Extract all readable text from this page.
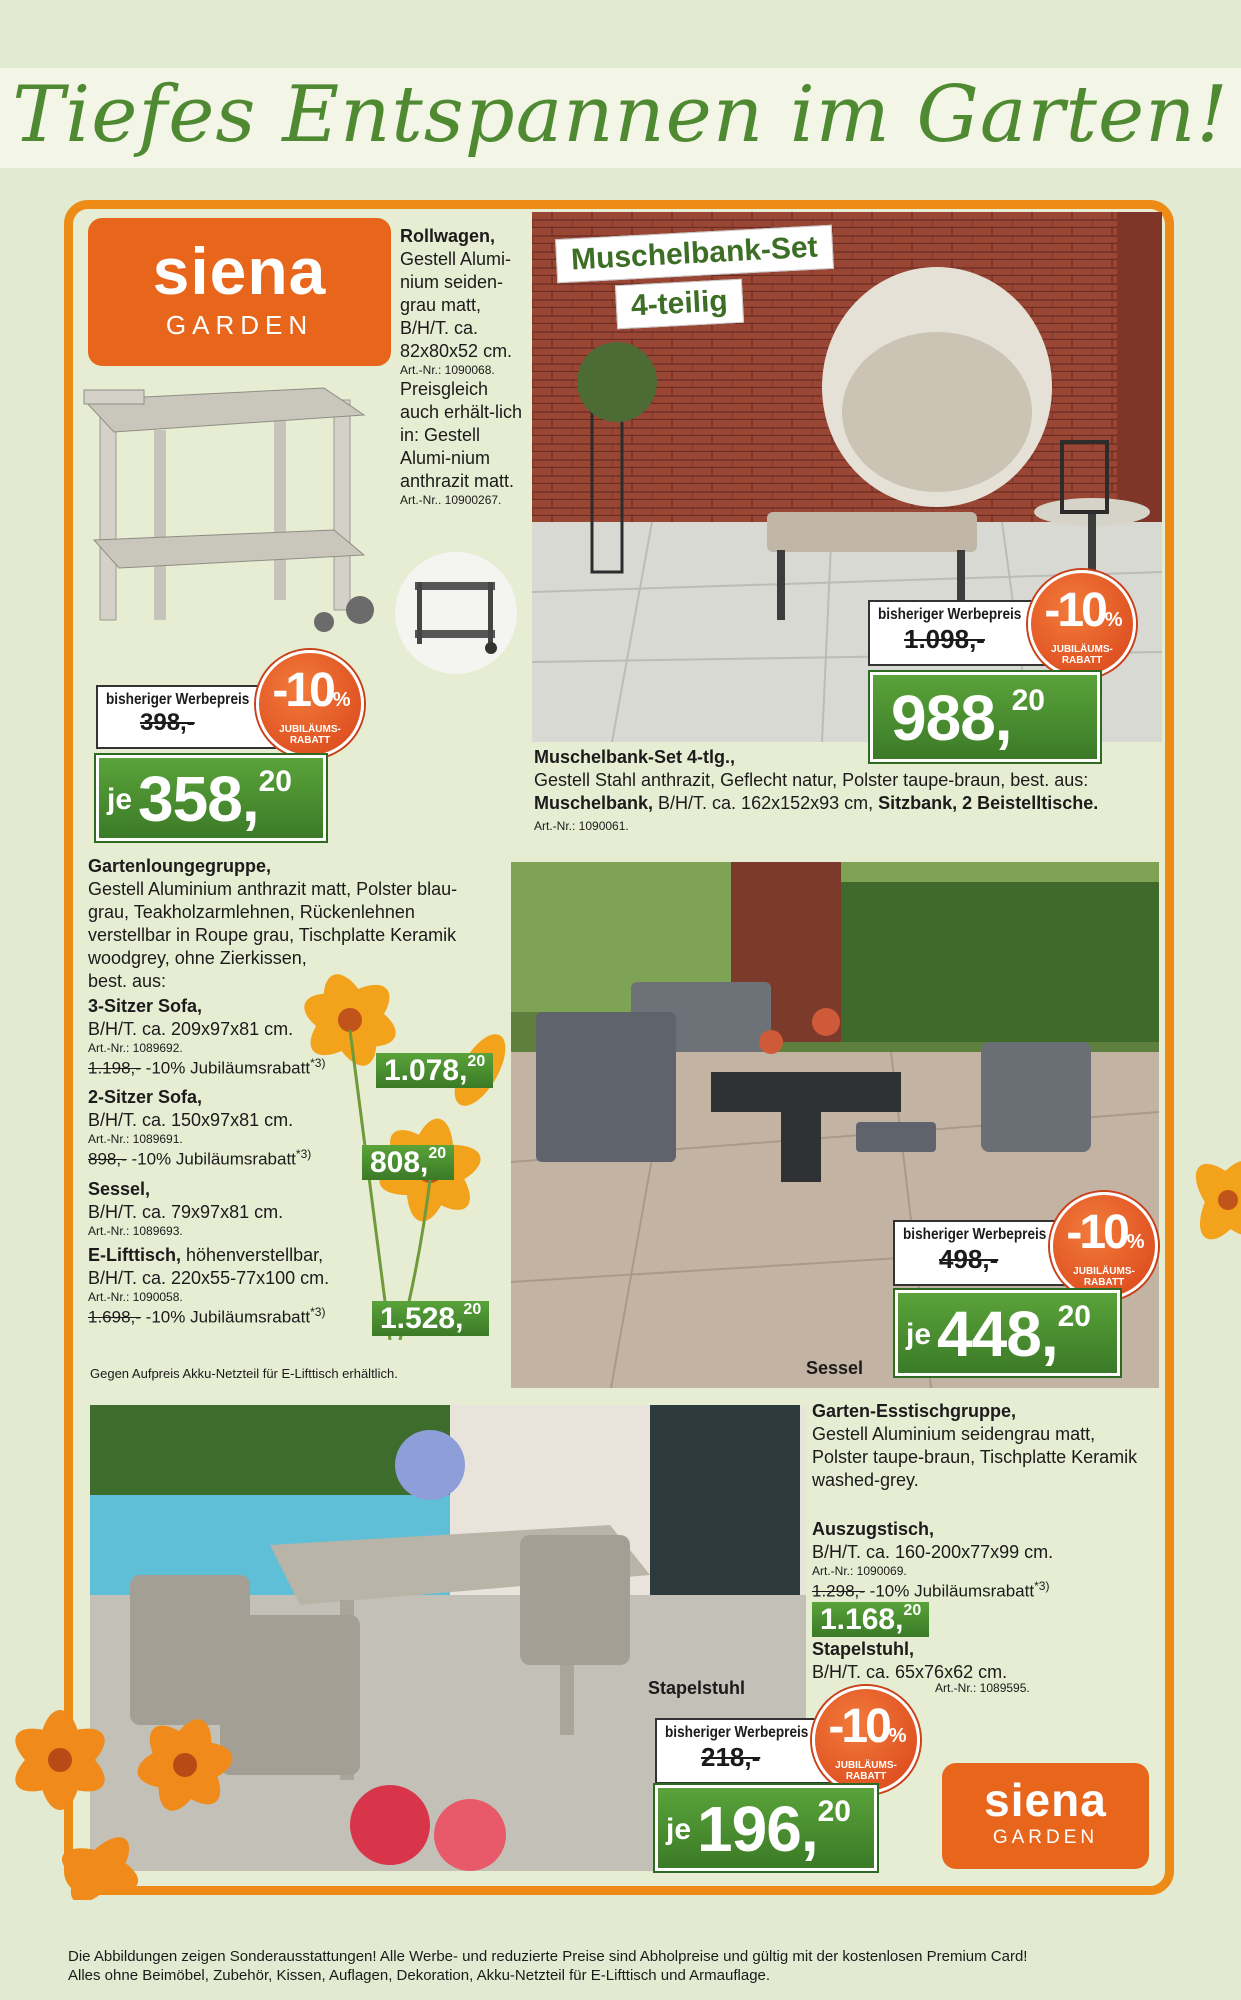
Tiefes Entspannen im Garten!
siena
GARDEN
Rollwagen,
Gestell Alumi-nium seiden-grau matt, B/H/T. ca. 82x80x52 cm.
Art.-Nr.: 1090068.
Preisgleich auch erhält-lich in: Gestell Alumi-nium anthrazit matt.
Art.-Nr.. 10900267.
bisheriger Werbepreis
398,-
-10%
JUBILÄUMS-RABATT
je358,20
Muschelbank-Set
4-teilig
bisheriger Werbepreis
1.098,-
-10%
JUBILÄUMS-RABATT
988,20
Muschelbank-Set 4-tlg.,
Gestell Stahl anthrazit, Geflecht natur, Polster taupe-braun, best. aus:
Muschelbank, B/H/T. ca. 162x152x93 cm, Sitzbank, 2 Beistelltische.
Art.-Nr.: 1090061.
Gartenloungegruppe,
Gestell Aluminium anthrazit matt, Polster blau-grau, Teakholzarmlehnen, Rückenlehnen verstellbar in Roupe grau, Tischplatte Keramik woodgrey, ohne Zierkissen,
best. aus:
3-Sitzer Sofa,
B/H/T. ca. 209x97x81 cm.
Art.-Nr.: 1089692.
1.198,- -10% Jubiläumsrabatt$^{*3)}$	1.078,20
2-Sitzer Sofa,
B/H/T. ca. 150x97x81 cm.
Art.-Nr.: 1089691.
898,- -10% Jubiläumsrabatt$^{*3)}$	808,20
Sessel,
B/H/T. ca. 79x97x81 cm.
Art.-Nr.: 1089693.
E-Lifttisch, höhenverstellbar,
B/H/T. ca. 220x55-77x100 cm.
Art.-Nr.: 1090058.
1.698,- -10% Jubiläumsrabatt$^{*3)}$	1.528,20
Gegen Aufpreis Akku-Netzteil für E-Lifttisch erhältlich.	Sessel
bisheriger Werbepreis
498,-	-10%
JUBILÄUMS-RABATT
je448,20
Stapelstuhl
Garten-Esstischgruppe,
Gestell Aluminium seidengrau matt, Polster taupe-braun, Tischplatte Keramik washed-grey.
Auszugstisch,
B/H/T. ca. 160-200x77x99 cm.
Art.-Nr.: 1090069.
1.298,- -10% Jubiläumsrabatt$^{*3)}$
1.168,20
Stapelstuhl,
B/H/T. ca. 65x76x62 cm.
Art.-Nr.: 1089595.
bisheriger Werbepreis
218,-
-10%
JUBILÄUMS-RABATT
je196,20	siena
GARDEN
Die Abbildungen zeigen Sonderausstattungen! Alle Werbe- und reduzierte Preise sind Abholpreise und gültig mit der kostenlosen Premium Card!
Alles ohne Beimöbel, Zubehör, Kissen, Auflagen, Dekoration, Akku-Netzteil für E-Lifttisch und Armauflage.
